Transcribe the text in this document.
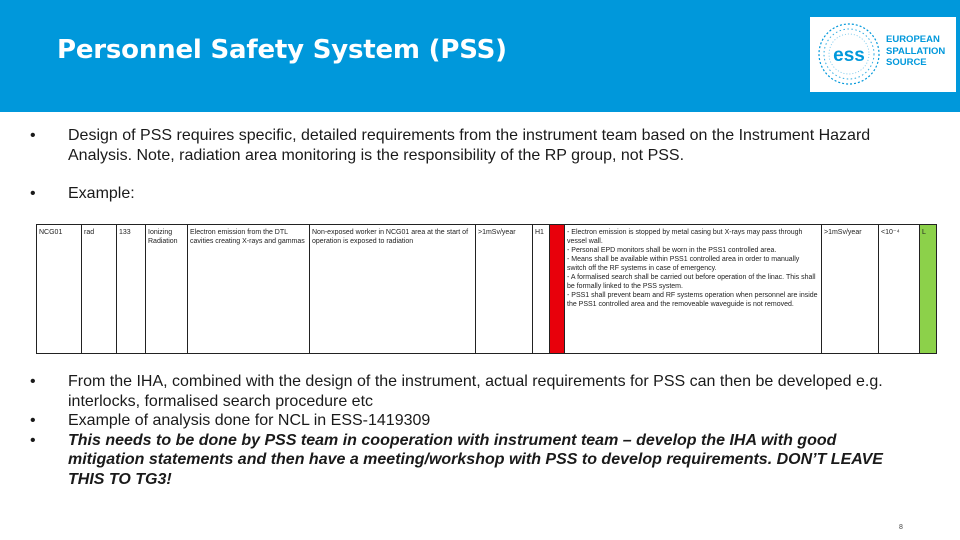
Personnel Safety System (PSS)	ess
EUROPEAN
SPALLATION
SOURCE
• Design of PSS requires specific, detailed requirements from the instrument team based on the Instrument Hazard Analysis. Note, radiation area monitoring is the responsibility of the RP group, not PSS.
• Example:
NCG01	rad	133	Ionizing Radiation	Electron emission from the DTL cavities creating X-rays and gammas	Non-exposed worker in NCG01 area at the start of operation is exposed to radiation	>1mSv/year	H1		- Electron emission is stopped by metal casing but X-rays may pass through vessel wall.
- Personal EPD monitors shall be worn in the PSS1 controlled area.
- Means shall be available within PSS1 controlled area in order to manually switch off the RF systems in case of emergency.
- A formalised search shall be carried out before operation of the linac. This shall be formally linked to the PSS system.
- PSS1 shall prevent beam and RF systems operation when personnel are inside the PSS1 controlled area and the removeable waveguide is not removed.
	>1mSv/year	<10⁻⁴	L
• From the IHA, combined with the design of the instrument, actual requirements for PSS can then be developed e.g. interlocks, formalised search procedure etc
• Example of analysis done for NCL in ESS-1419309
• This needs to be done by PSS team in cooperation with instrument team – develop the IHA with good mitigation statements and then have a meeting/workshop with PSS to develop requirements. DON’T LEAVE THIS TO TG3!
8
